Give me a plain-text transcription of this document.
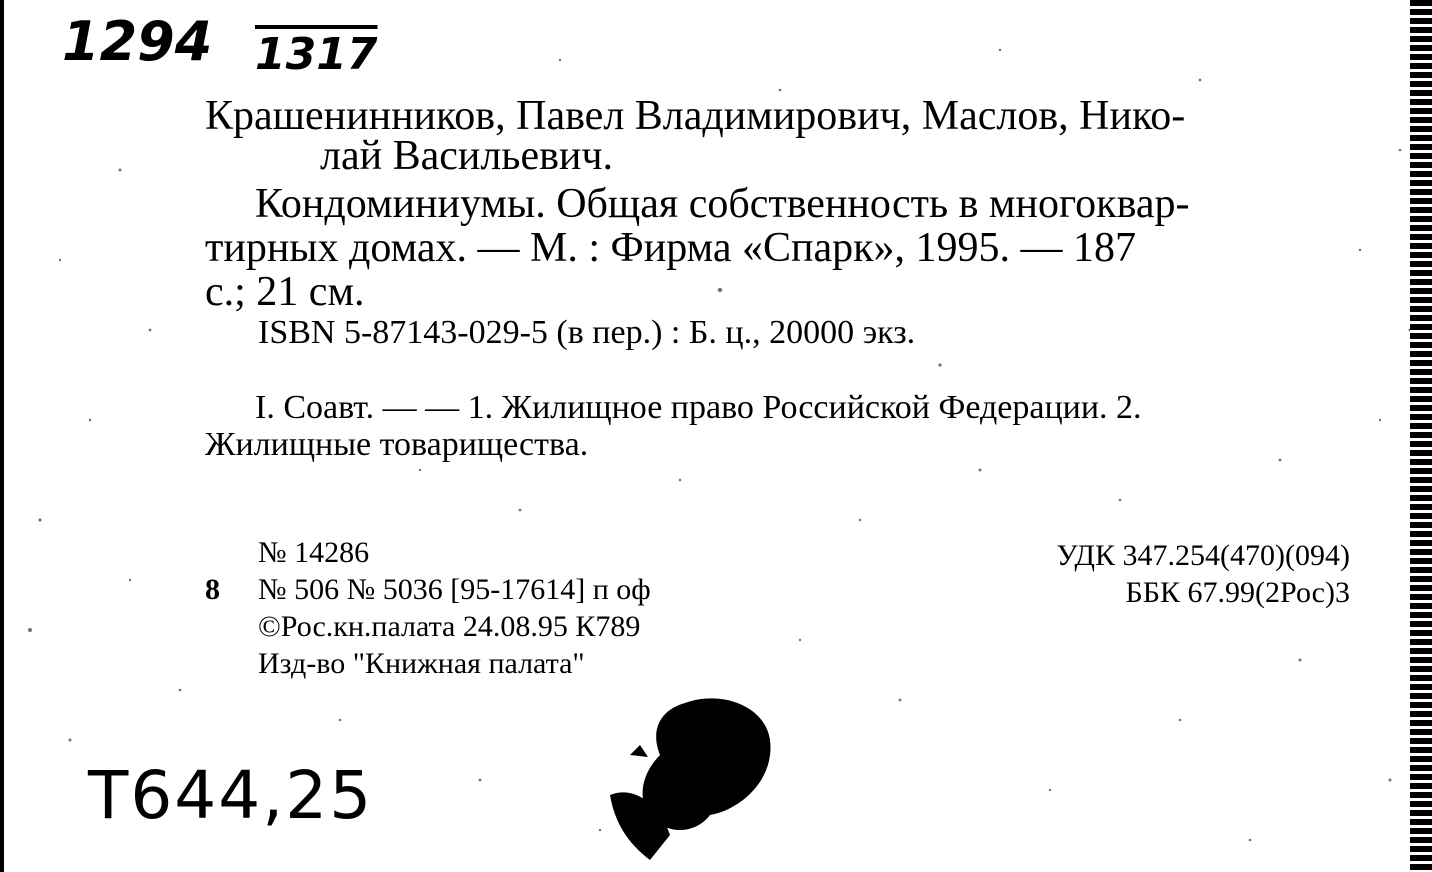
1294 1317
Крашенинников, Павел Владимирович, Маслов, Нико-
лай Васильевич.
Кондоминиумы. Общая собственность в многоквар-
тирных домах. — М. : Фирма «Спарк», 1995. — 187
с.; 21 см.
ISBN 5-87143-029-5 (в пер.) : Б. ц., 20000 экз.
I. Соавт. — — 1. Жилищное право Российской Федерации. 2.
Жилищные товарищества.
№ 14286
8 № 506 № 5036 [95-17614] п оф
©Рос.кн.палата 24.08.95 К789
Изд-во "Книжная палата"
УДК 347.254(470)(094)
ББК 67.99(2Рос)3
Т644,25
